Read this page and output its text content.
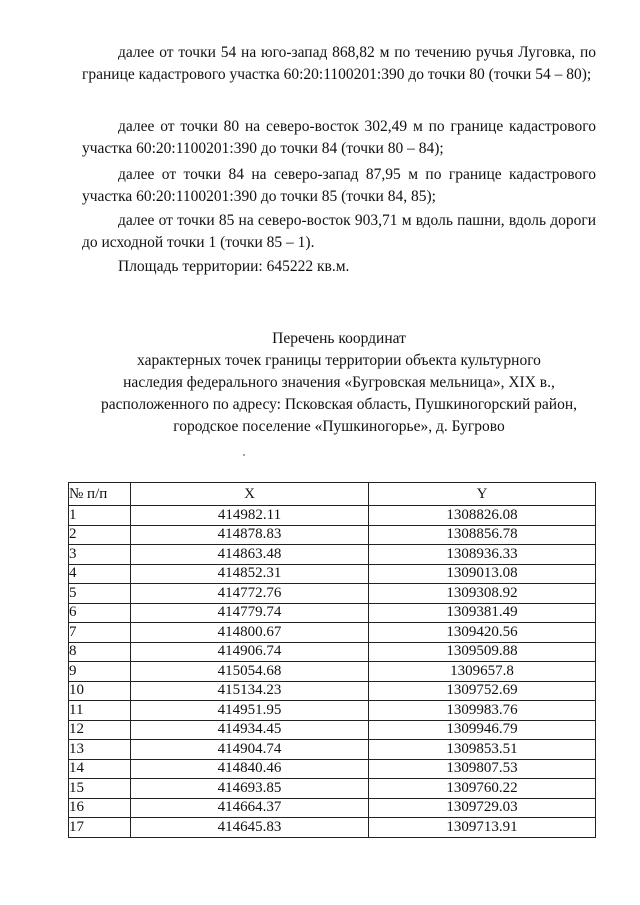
далее от точки 54 на юго-запад 868,82 м по течению ручья Луговка, по границе кадастрового участка 60:20:1100201:390 до точки 80 (точки 54 – 80);

далее от точки 80 на северо-восток 302,49 м по границе кадастрового участка 60:20:1100201:390 до точки 84 (точки 80 – 84);

далее от точки 84 на северо-запад 87,95 м по границе кадастрового участка 60:20:1100201:390 до точки 85 (точки 84, 85);

далее от точки 85 на северо-восток 903,71 м вдоль пашни, вдоль дороги до исходной точки 1 (точки 85 – 1).

Площадь территории: 645222 кв.м.

Перечень координат

характерных точек границы территории объекта культурного
наследия федерального значения «Бугровская мельница», XIX в.,
расположенного по адресу: Псковская область, Пушкиногорский район,
городское поселение «Пушкиногорье», д. Бугрово

№ п/п	X	Y
1	414982.11	1308826.08
2	414878.83	1308856.78
3	414863.48	1308936.33
4	414852.31	1309013.08
5	414772.76	1309308.92
6	414779.74	1309381.49
7	414800.67	1309420.56
8	414906.74	1309509.88
9	415054.68	1309657.8
10	415134.23	1309752.69
11	414951.95	1309983.76
12	414934.45	1309946.79
13	414904.74	1309853.51
14	414840.46	1309807.53
15	414693.85	1309760.22
16	414664.37	1309729.03
17	414645.83	1309713.91
